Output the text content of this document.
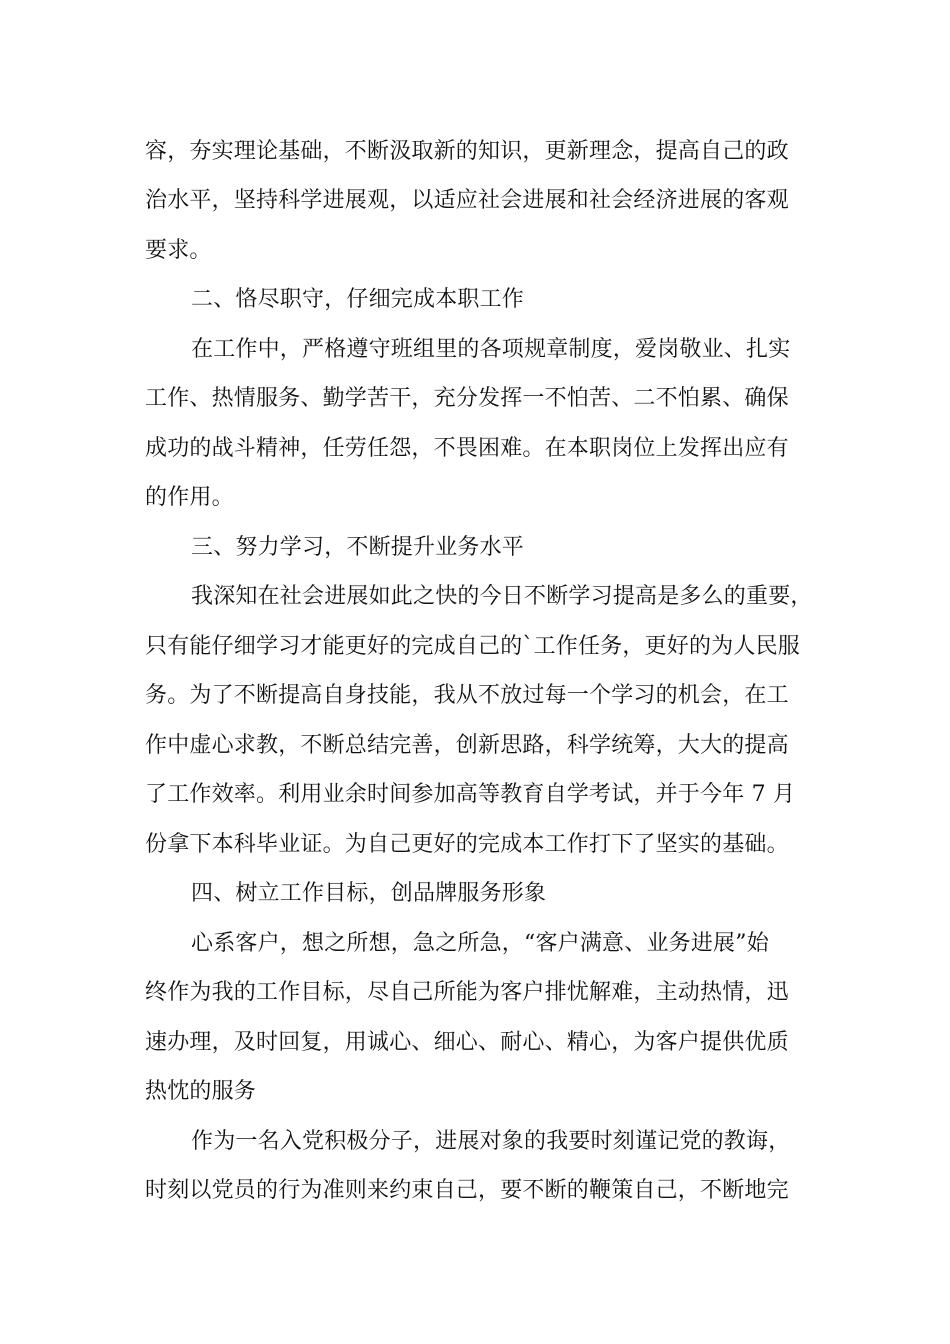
容，夯实理论基础，不断汲取新的知识，更新理念，提高自己的政
治水平，坚持科学进展观，以适应社会进展和社会经济进展的客观
要求。
二、恪尽职守，仔细完成本职工作
在工作中，严格遵守班组里的各项规章制度，爱岗敬业、扎实
工作、热情服务、勤学苦干，充分发挥一不怕苦、二不怕累、确保
成功的战斗精神，任劳任怨，不畏困难。在本职岗位上发挥出应有
的作用。
三、努力学习，不断提升业务水平
我深知在社会进展如此之快的今日不断学习提高是多么的重要，
只有能仔细学习才能更好的完成自己的`工作任务，更好的为人民服
务。为了不断提高自身技能，我从不放过每一个学习的机会，在工
作中虚心求教，不断总结完善，创新思路，科学统筹，大大的提高
了工作效率。利用业余时间参加高等教育自学考试，并于今年 7 月
份拿下本科毕业证。为自己更好的完成本工作打下了坚实的基础。
四、树立工作目标，创品牌服务形象
心系客户，想之所想，急之所急，“客户满意、业务进展”始
终作为我的工作目标，尽自己所能为客户排忧解难，主动热情，迅
速办理，及时回复，用诚心、细心、耐心、精心，为客户提供优质
热忱的服务
作为一名入党积极分子，进展对象的我要时刻谨记党的教诲，
时刻以党员的行为准则来约束自己，要不断的鞭策自己，不断地完
